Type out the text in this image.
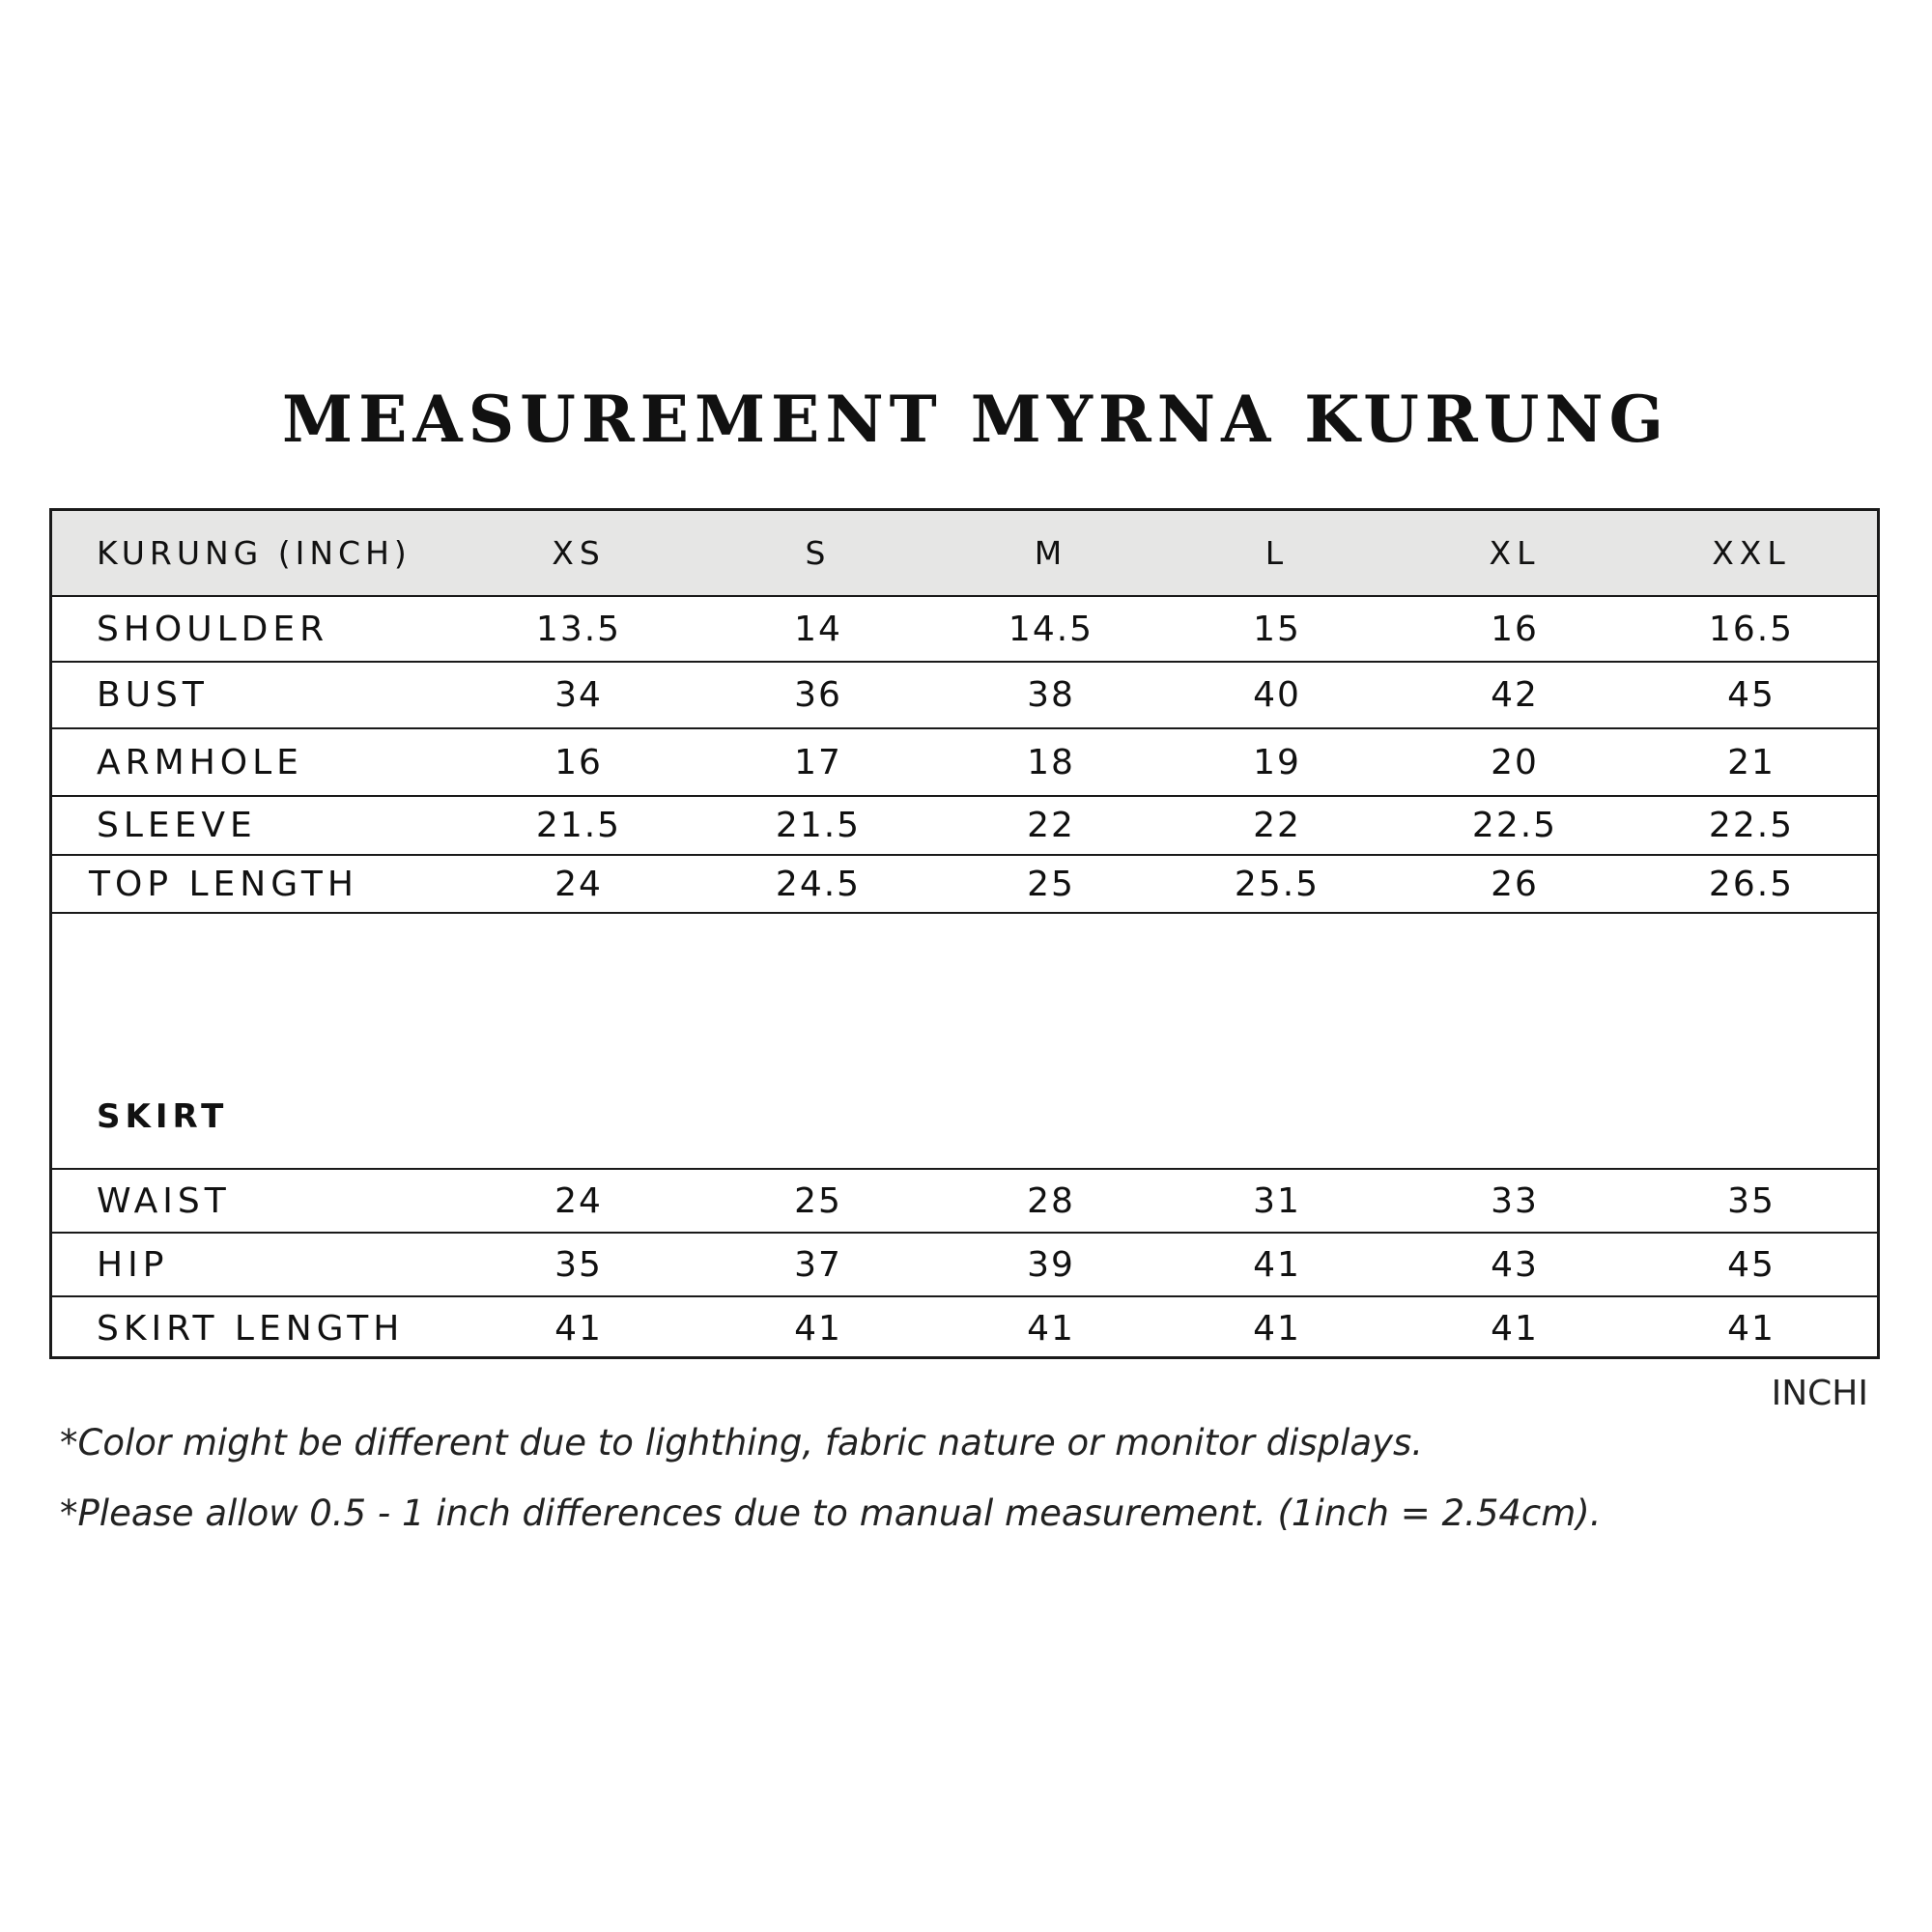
MEASUREMENT MYRNA KURUNG
KURUNG (INCH)	XS	S	M	L	XL	XXL
SHOULDER	13.5	14	14.5	15	16	16.5
BUST	34	36	38	40	42	45
ARMHOLE	16	17	18	19	20	21
SLEEVE	21.5	21.5	22	22	22.5	22.5
TOP LENGTH	24	24.5	25	25.5	26	26.5
SKIRT
WAIST	24	25	28	31	33	35
HIP	35	37	39	41	43	45
SKIRT LENGTH	41	41	41	41	41	41
INCHI

*Color might be different due to lighthing, fabric nature or monitor displays.

*Please allow 0.5 - 1 inch differences due to manual measurement. (1inch = 2.54cm).
